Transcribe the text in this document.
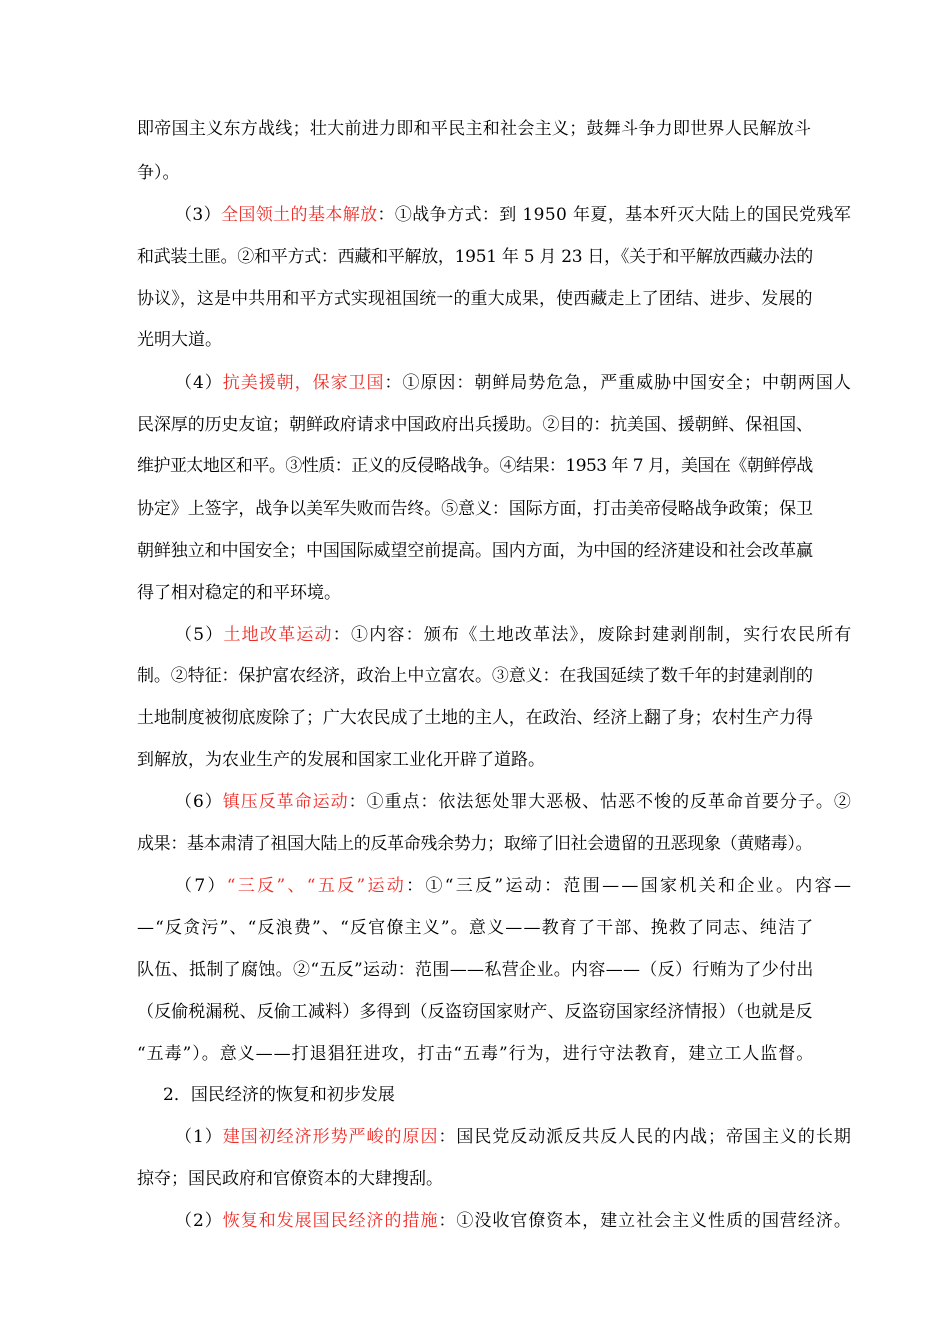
即帝国主义东方战线；壮大前进力即和平民主和社会主义；鼓舞斗争力即世界人民解放斗
争）。
（3）全国领土的基本解放：①战争方式：到 1950 年夏，基本歼灭大陆上的国民党残军
和武装土匪。②和平方式：西藏和平解放，1951 年 5 月 23 日，《关于和平解放西藏办法的
协议》，这是中共用和平方式实现祖国统一的重大成果，使西藏走上了团结、进步、发展的
光明大道。
（4）抗美援朝，保家卫国：①原因：朝鲜局势危急，严重威胁中国安全；中朝两国人
民深厚的历史友谊；朝鲜政府请求中国政府出兵援助。②目的：抗美国、援朝鲜、保祖国、
维护亚太地区和平。③性质：正义的反侵略战争。④结果：1953 年 7 月，美国在《朝鲜停战
协定》上签字，战争以美军失败而告终。⑤意义：国际方面，打击美帝侵略战争政策；保卫
朝鲜独立和中国安全；中国国际威望空前提高。国内方面，为中国的经济建设和社会改革赢
得了相对稳定的和平环境。
（5）土地改革运动：①内容：颁布《土地改革法》，废除封建剥削制，实行农民所有
制。②特征：保护富农经济，政治上中立富农。③意义：在我国延续了数千年的封建剥削的
土地制度被彻底废除了；广大农民成了土地的主人，在政治、经济上翻了身；农村生产力得
到解放，为农业生产的发展和国家工业化开辟了道路。
（6）镇压反革命运动：①重点：依法惩处罪大恶极、怙恶不悛的反革命首要分子。②
成果：基本肃清了祖国大陆上的反革命残余势力；取缔了旧社会遗留的丑恶现象（黄赌毒）。
（7）“三反”、“五反”运动：①“三反”运动：范围——国家机关和企业。内容—
—“反贪污”、“反浪费”、“反官僚主义”。意义——教育了干部、挽救了同志、纯洁了
队伍、抵制了腐蚀。②“五反”运动：范围——私营企业。内容——（反）行贿为了少付出
（反偷税漏税、反偷工减料）多得到（反盗窃国家财产、反盗窃国家经济情报）（也就是反
“五毒”）。意义——打退猖狂进攻，打击“五毒”行为，进行守法教育，建立工人监督。
2．国民经济的恢复和初步发展
（1）建国初经济形势严峻的原因：国民党反动派反共反人民的内战；帝国主义的长期
掠夺；国民政府和官僚资本的大肆搜刮。
（2）恢复和发展国民经济的措施：①没收官僚资本，建立社会主义性质的国营经济。
